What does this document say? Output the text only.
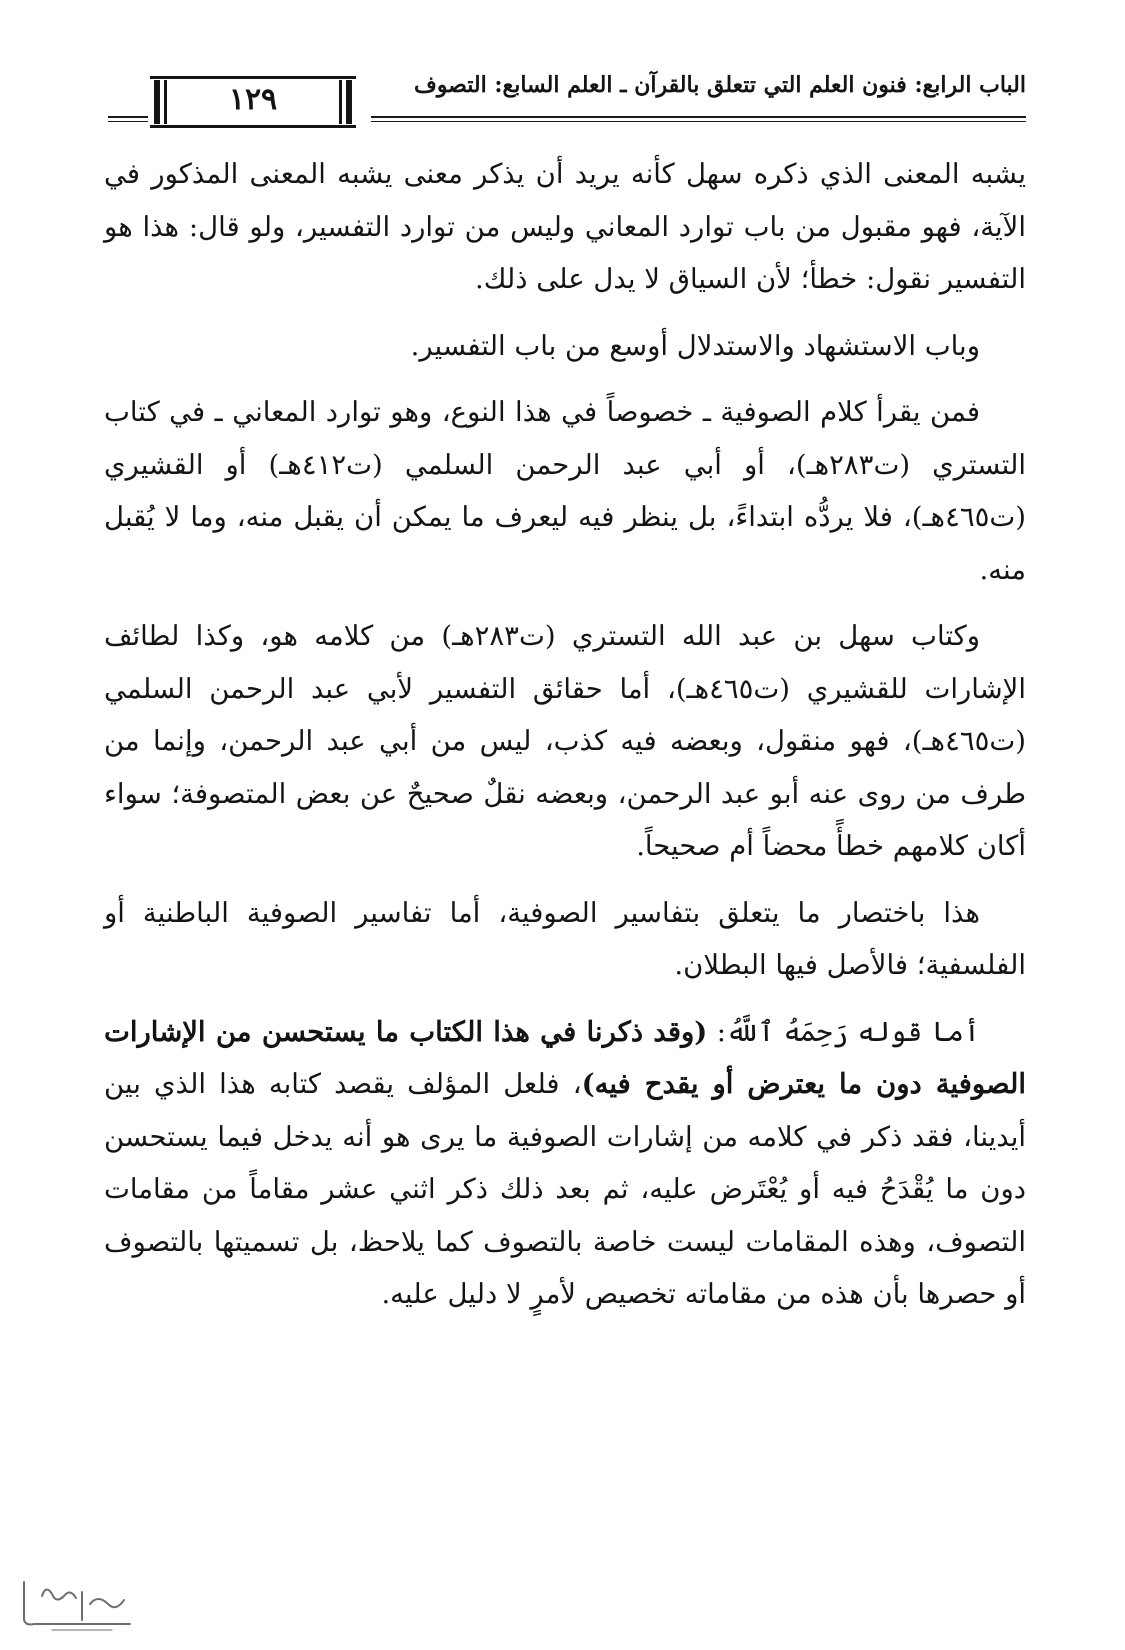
الباب الرابع: فنون العلم التي تتعلق بالقرآن ـ العلم السابع: التصوف
١٢٩

يشبه المعنى الذي ذكره سهل كأنه يريد أن يذكر معنى يشبه المعنى المذكور في الآية، فهو مقبول من باب توارد المعاني وليس من توارد التفسير، ولو قال: هذا هو التفسير نقول: خطأ؛ لأن السياق لا يدل على ذلك.

وباب الاستشهاد والاستدلال أوسع من باب التفسير.

فمن يقرأ كلام الصوفية ـ خصوصاً في هذا النوع، وهو توارد المعاني ـ في كتاب التستري (ت٢٨٣هـ)، أو أبي عبد الرحمن السلمي (ت٤١٢هـ) أو القشيري (ت٤٦٥هـ)، فلا يردُّه ابتداءً، بل ينظر فيه ليعرف ما يمكن أن يقبل منه، وما لا يُقبل منه.

وكتاب سهل بن عبد الله التستري (ت٢٨٣هـ) من كلامه هو، وكذا لطائف الإشارات للقشيري (ت٤٦٥هـ)، أما حقائق التفسير لأبي عبد الرحمن السلمي (ت٤٦٥هـ)، فهو منقول، وبعضه فيه كذب، ليس من أبي عبد الرحمن، وإنما من طرف من روى عنه أبو عبد الرحمن، وبعضه نقلٌ صحيحٌ عن بعض المتصوفة؛ سواء أكان كلامهم خطأً محضاً أم صحيحاً.

هذا باختصار ما يتعلق بتفاسير الصوفية، أما تفاسير الصوفية الباطنية أو الفلسفية؛ فالأصل فيها البطلان.

أما قوله رَحِمَهُ ٱللَّهُ: (وقد ذكرنا في هذا الكتاب ما يستحسن من الإشارات الصوفية دون ما يعترض أو يقدح فيه)، فلعل المؤلف يقصد كتابه هذا الذي بين أيدينا، فقد ذكر في كلامه من إشارات الصوفية ما يرى هو أنه يدخل فيما يستحسن دون ما يُقْدَحُ فيه أو يُعْتَرض عليه، ثم بعد ذلك ذكر اثني عشر مقاماً من مقامات التصوف، وهذه المقامات ليست خاصة بالتصوف كما يلاحظ، بل تسميتها بالتصوف أو حصرها بأن هذه من مقاماته تخصيص لأمرٍ لا دليل عليه.
